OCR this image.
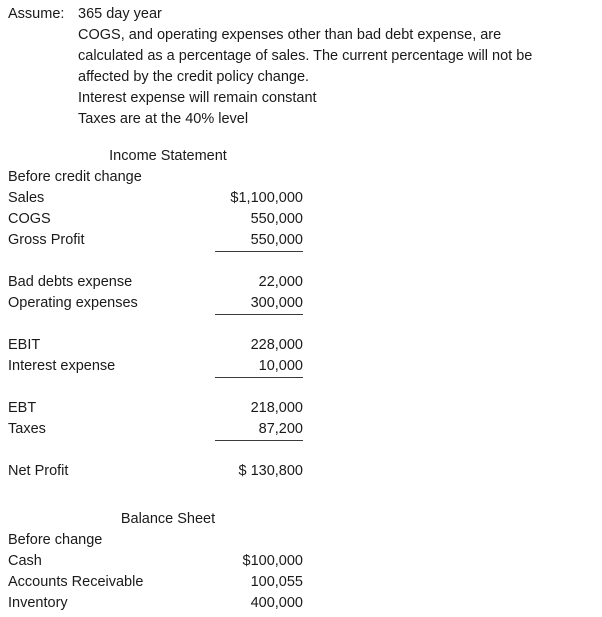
Assume: 365 day year
COGS, and operating expenses other than bad debt expense, are
calculated as a percentage of sales. The current percentage will not be
affected by the credit policy change.
Interest expense will remain constant
Taxes are at the 40% level
Income Statement
Before credit change
Sales	$1,100,000
COGS	550,000
Gross Profit	550,000
Bad debts expense	22,000
Operating expenses	300,000
EBIT	228,000
Interest expense	10,000
EBT	218,000
Taxes	87,200
Net Profit	$ 130,800
Balance Sheet
Before change
Cash	$100,000
Accounts Receivable	100,055
Inventory	400,000
